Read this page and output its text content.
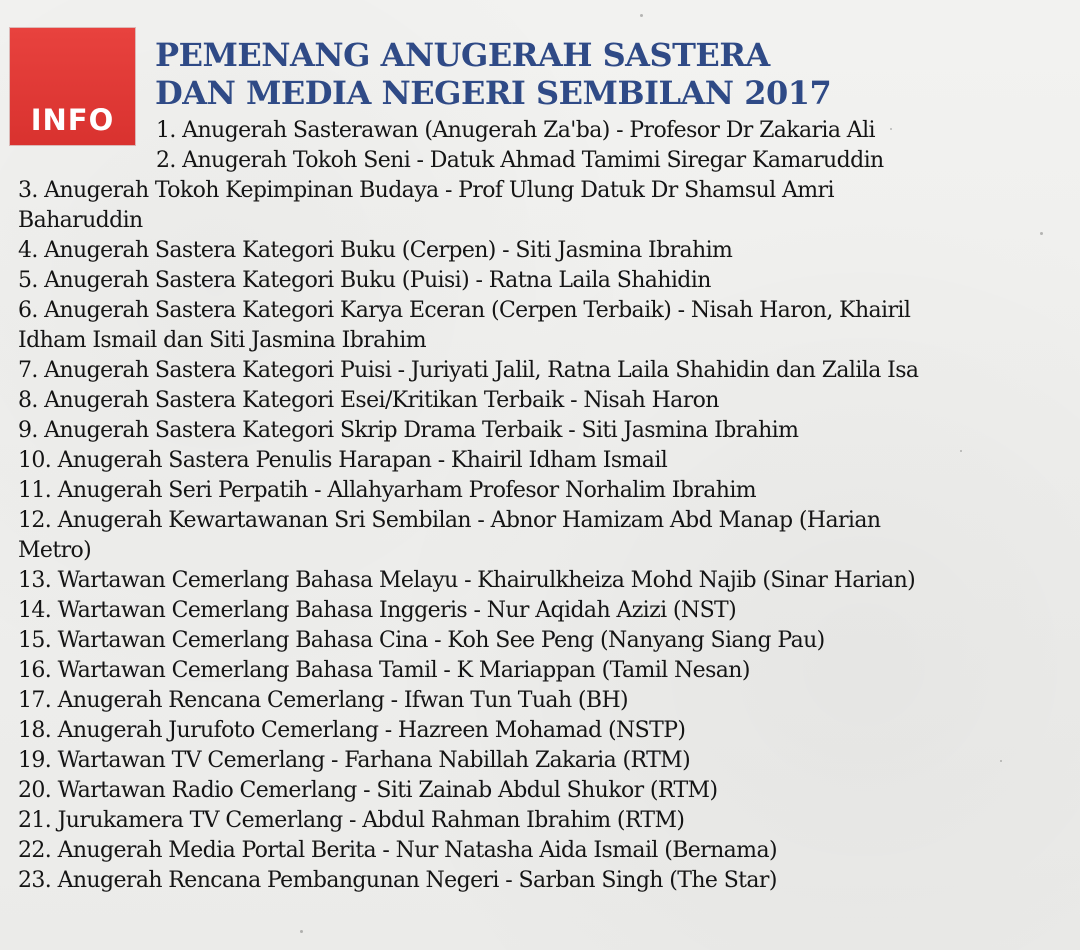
INFO
PEMENANG ANUGERAH SASTERA
DAN MEDIA NEGERI SEMBILAN 2017
1. Anugerah Sasterawan (Anugerah Za'ba) - Profesor Dr Zakaria Ali
2. Anugerah Tokoh Seni - Datuk Ahmad Tamimi Siregar Kamaruddin
3. Anugerah Tokoh Kepimpinan Budaya - Prof Ulung Datuk Dr Shamsul Amri
Baharuddin
4. Anugerah Sastera Kategori Buku (Cerpen) - Siti Jasmina Ibrahim
5. Anugerah Sastera Kategori Buku (Puisi) - Ratna Laila Shahidin
6. Anugerah Sastera Kategori Karya Eceran (Cerpen Terbaik) - Nisah Haron, Khairil
Idham Ismail dan Siti Jasmina Ibrahim
7. Anugerah Sastera Kategori Puisi - Juriyati Jalil, Ratna Laila Shahidin dan Zalila Isa
8. Anugerah Sastera Kategori Esei/Kritikan Terbaik - Nisah Haron
9. Anugerah Sastera Kategori Skrip Drama Terbaik - Siti Jasmina Ibrahim
10. Anugerah Sastera Penulis Harapan - Khairil Idham Ismail
11. Anugerah Seri Perpatih - Allahyarham Profesor Norhalim Ibrahim
12. Anugerah Kewartawanan Sri Sembilan - Abnor Hamizam Abd Manap (Harian
Metro)
13. Wartawan Cemerlang Bahasa Melayu - Khairulkheiza Mohd Najib (Sinar Harian)
14. Wartawan Cemerlang Bahasa Inggeris - Nur Aqidah Azizi (NST)
15. Wartawan Cemerlang Bahasa Cina - Koh See Peng (Nanyang Siang Pau)
16. Wartawan Cemerlang Bahasa Tamil - K Mariappan (Tamil Nesan)
17. Anugerah Rencana Cemerlang - Ifwan Tun Tuah (BH)
18. Anugerah Jurufoto Cemerlang - Hazreen Mohamad (NSTP)
19. Wartawan TV Cemerlang - Farhana Nabillah Zakaria (RTM)
20. Wartawan Radio Cemerlang - Siti Zainab Abdul Shukor (RTM)
21. Jurukamera TV Cemerlang - Abdul Rahman Ibrahim (RTM)
22. Anugerah Media Portal Berita - Nur Natasha Aida Ismail (Bernama)
23. Anugerah Rencana Pembangunan Negeri - Sarban Singh (The Star)
